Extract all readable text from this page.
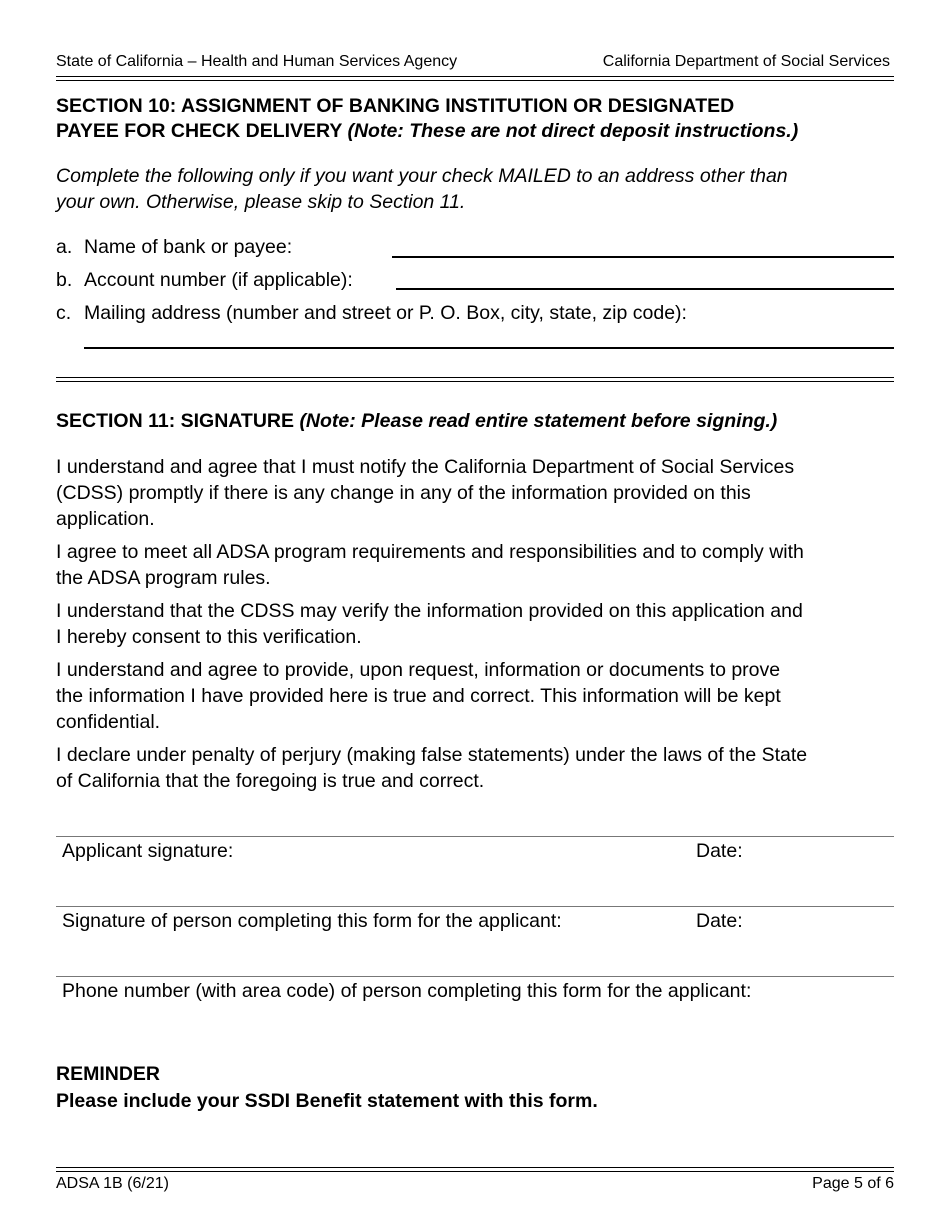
State of California – Health and Human Services Agency	California Department of Social Services
SECTION 10: ASSIGNMENT OF BANKING INSTITUTION OR DESIGNATED
PAYEE FOR CHECK DELIVERY (Note: These are not direct deposit instructions.)
Complete the following only if you want your check MAILED to an address other than
your own. Otherwise, please skip to Section 11.
a. Name of bank or payee:
b. Account number (if applicable):
c. Mailing address (number and street or P. O. Box, city, state, zip code):
SECTION 11: SIGNATURE (Note: Please read entire statement before signing.)
I understand and agree that I must notify the California Department of Social Services
(CDSS) promptly if there is any change in any of the information provided on this
application.
I agree to meet all ADSA program requirements and responsibilities and to comply with
the ADSA program rules.
I understand that the CDSS may verify the information provided on this application and
I hereby consent to this verification.
I understand and agree to provide, upon request, information or documents to prove
the information I have provided here is true and correct. This information will be kept
confidential.
I declare under penalty of perjury (making false statements) under the laws of the State
of California that the foregoing is true and correct.
Applicant signature:	Date:
Signature of person completing this form for the applicant:	Date:
Phone number (with area code) of person completing this form for the applicant:
REMINDER
Please include your SSDI Benefit statement with this form.
ADSA 1B (6/21)	Page 5 of 6
